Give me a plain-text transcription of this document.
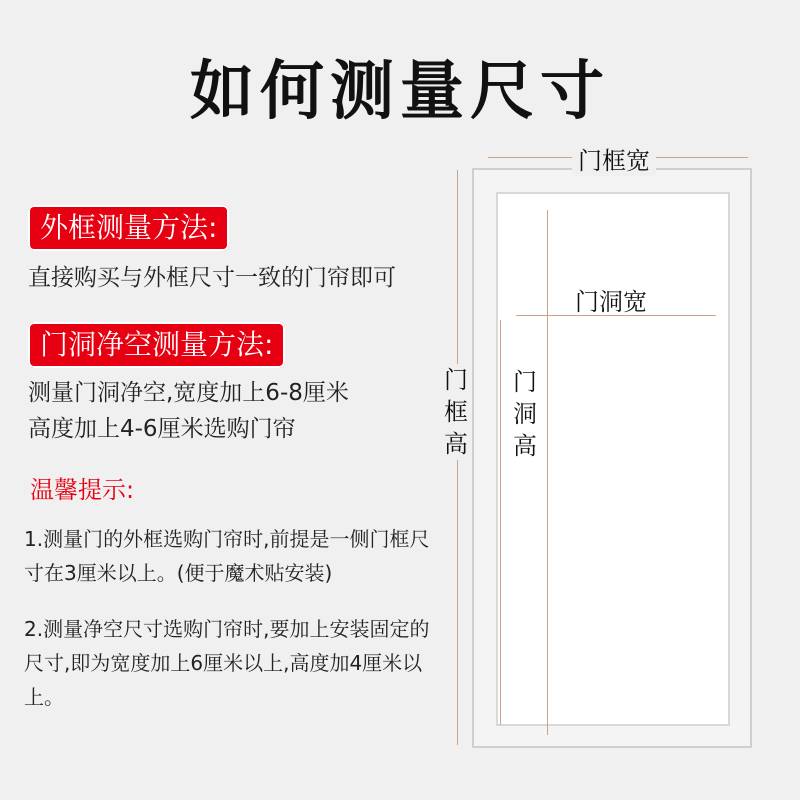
如何测量尺寸
外框测量方法:
直接购买与外框尺寸一致的门帘即可
门洞净空测量方法:
测量门洞净空,宽度加上6-8厘米
高度加上4-6厘米选购门帘
温馨提示:
1.测量门的外框选购门帘时,前提是一侧门框尺寸在3厘米以上。(便于魔术贴安装)
2.测量净空尺寸选购门帘时,要加上安装固定的尺寸,即为宽度加上6厘米以上,高度加4厘米以上。
门框宽
门
框
高
门洞宽
门
洞
高
